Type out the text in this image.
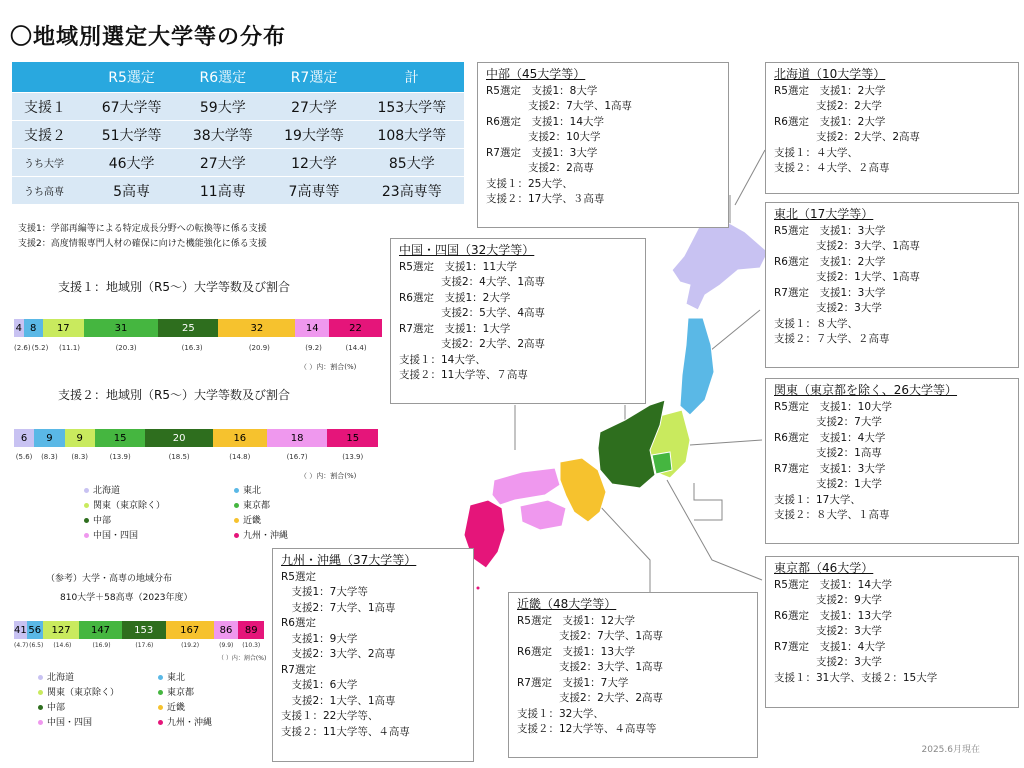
〇地域別選定大学等の分布
	R5選定	R6選定	R7選定	計
支援１	67大学等	59大学	27大学	153大学等
支援２	51大学等	38大学等	19大学等	108大学等
うち大学	46大学	27大学	12大学	85大学
うち高専	5高専	11高専	7高専等	23高専等
支援1：学部再編等による特定成長分野への転換等に係る支援
支援2：高度情報専門人材の確保に向けた機能強化に係る支援
支援１：地域別（R5～）大学等数及び割合
4 8 17	31	25	32	14	22
(2.6) (5.2)	(11.1)	(20.3)	(16.3)	(20.9)	(9.2)	(14.4)
（ ）内：割合(%)
支援２：地域別（R5～）大学等数及び割合
6 9 9	15	20	16	18	15
(5.6)	(8.3)	(8.3)	(13.9)	(18.5)	(14.8)	(16.7)	(13.9)
（ ）内：割合(%)
北海道	東北
関東（東京除く）	東京都
中部	近畿
中国・四国	九州・沖縄
（参考）大学・高専の地域分布
810大学＋58高専（2023年度）
41 56 127 147 153	167 86 89
(4.7) (6.5)	(14.6)	(16.9)	(17.6)	(19.2)	(9.9)	(10.3)
（ ）内：割合(%)
北海道	東北
関東（東京除く）	東京都
中部	近畿
中国・四国	九州・沖縄
中部（45大学等）
R5選定　支援1：8大学
　　　　支援2：7大学、1高専
R6選定　支援1：14大学
　　　　支援2：10大学
R7選定　支援1：3大学
　　　　支援2：2高専
支援１：25大学、
支援２：17大学、３高専
北海道（10大学等）
R5選定　支援1：2大学
　　　　支援2：2大学
R6選定　支援1：2大学
　　　　支援2：2大学、2高専
支援１：４大学、
支援２：４大学、２高専
東北（17大学等）
R5選定　支援1：3大学
　　　　支援2：3大学、1高専
R6選定　支援1：2大学
　　　　支援2：1大学、1高専
R7選定　支援1：3大学
　　　　支援2：3大学
支援１：８大学、
支援２：７大学、２高専
中国・四国（32大学等）
R5選定　支援1：11大学
　　　　支援2：4大学、1高専
R6選定　支援1：2大学
　　　　支援2：5大学、4高専
R7選定　支援1：1大学
　　　　支援2：2大学、2高専
支援１：14大学、
支援２：11大学等、７高専
関東（東京都を除く、26大学等）
R5選定　支援1：10大学
　　　　支援2：7大学
R6選定　支援1：4大学
　　　　支援2：1高専
R7選定　支援1：3大学
　　　　支援2：1大学
支援１：17大学、
支援２：８大学、１高専
東京都（46大学）
R5選定　支援1：14大学
　　　　支援2：9大学
R6選定　支援1：13大学
　　　　支援2：3大学
R7選定　支援1：4大学
　　　　支援2：3大学
支援１：31大学、支援２：15大学
九州・沖縄（37大学等）
R5選定
　支援1：7大学等
　支援2：7大学、1高専
R6選定
　支援1：9大学
　支援2：3大学、2高専
R7選定
　支援1：6大学
　支援2：1大学、1高専
支援１：22大学等、
支援２：11大学等、４高専
近畿（48大学等）
R5選定　支援1：12大学
　　　　支援2：7大学、1高専
R6選定　支援1：13大学
　　　　支援2：3大学、1高専
R7選定　支援1：7大学
　　　　支援2：2大学、2高専
支援１：32大学、
支援２：12大学等、４高専等
2025.6月現在
